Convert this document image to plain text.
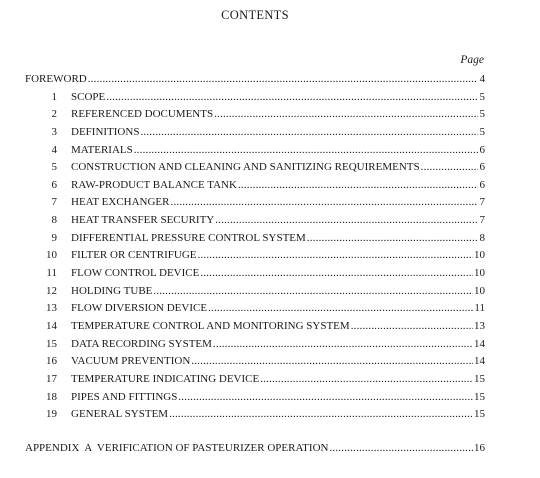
CONTENTS
Page
FOREWORD .....	4
1 SCOPE .....	5
2 REFERENCED DOCUMENTS .....	5
3 DEFINITIONS .....	5
4 MATERIALS .....	6
5 CONSTRUCTION AND CLEANING AND SANITIZING REQUIREMENTS .....	6
6 RAW-PRODUCT BALANCE TANK .....	6
7 HEAT EXCHANGER .....	7
8 HEAT TRANSFER SECURITY .....	7
9 DIFFERENTIAL PRESSURE CONTROL SYSTEM .....	8
10 FILTER OR CENTRIFUGE .....	10
11 FLOW CONTROL DEVICE .....	10
12 HOLDING TUBE .....	10
13 FLOW DIVERSION DEVICE .....	11
14 TEMPERATURE CONTROL AND MONITORING SYSTEM .....	13
15 DATA RECORDING SYSTEM .....	14
16 VACUUM PREVENTION .....	14
17 TEMPERATURE INDICATING DEVICE .....	15
18 PIPES AND FITTINGS .....	15
19 GENERAL SYSTEM .....	15
APPENDIX  A  VERIFICATION OF PASTEURIZER OPERATION .....	16
